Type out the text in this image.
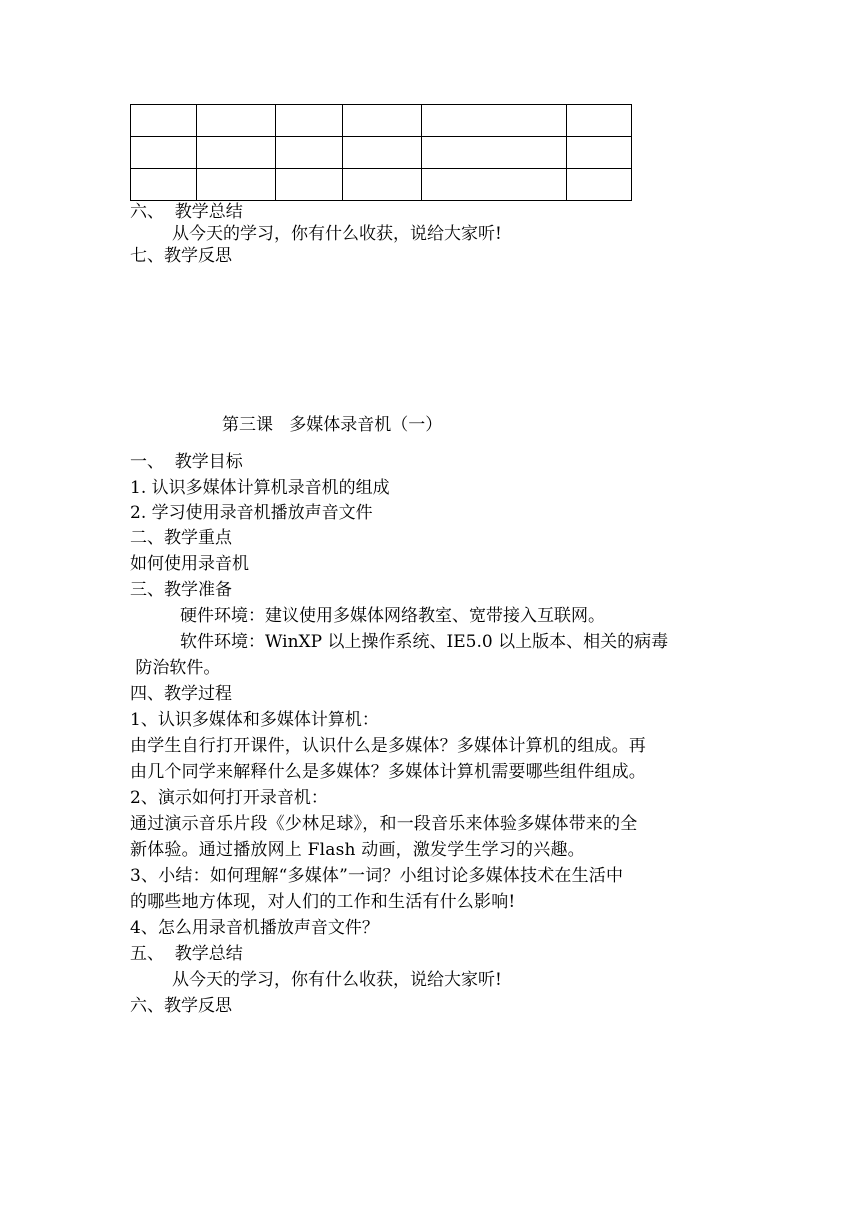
六、  教学总结

从今天的学习，你有什么收获，说给大家听!

七、教学反思

第三课   多媒体录音机（一）

一、  教学目标

1. 认识多媒体计算机录音机的组成

2. 学习使用录音机播放声音文件

二、教学重点

如何使用录音机

三、教学准备

硬件环境：建议使用多媒体网络教室、宽带接入互联网。

软件环境：WinXP 以上操作系统、IE5.0 以上版本、相关的病毒

防治软件。

四、教学过程

1、认识多媒体和多媒体计算机：

由学生自行打开课件，认识什么是多媒体？多媒体计算机的组成。再

由几个同学来解释什么是多媒体？多媒体计算机需要哪些组件组成。

2、演示如何打开录音机：

通过演示音乐片段《少林足球》，和一段音乐来体验多媒体带来的全

新体验。通过播放网上 Flash 动画，激发学生学习的兴趣。

3、小结：如何理解“多媒体”一词？小组讨论多媒体技术在生活中

的哪些地方体现，对人们的工作和生活有什么影响!

4、怎么用录音机播放声音文件？

五、  教学总结

从今天的学习，你有什么收获，说给大家听!

六、教学反思
